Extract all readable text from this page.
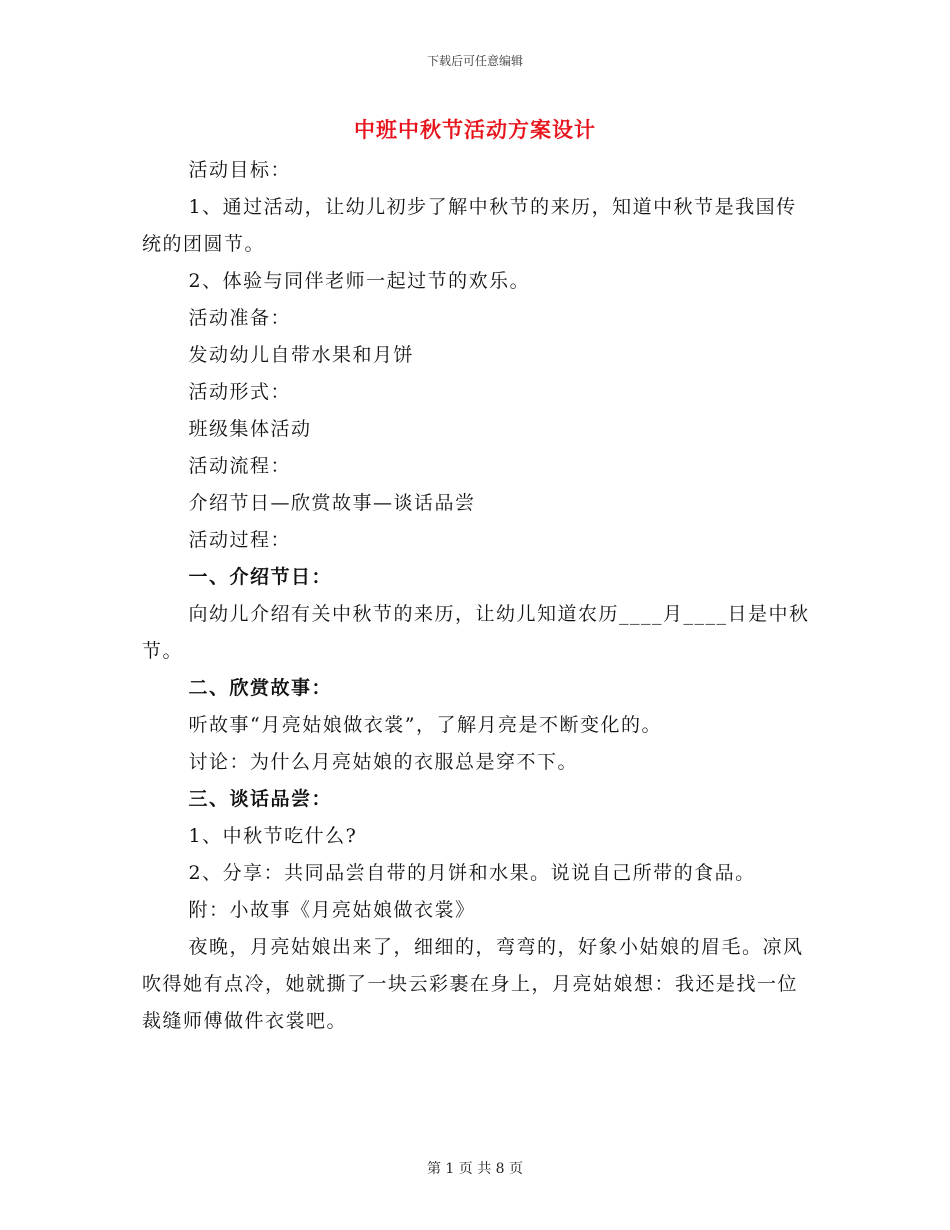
下载后可任意编辑
中班中秋节活动方案设计

活动目标：

1、通过活动，让幼儿初步了解中秋节的来历，知道中秋节是我国传统的团圆节。

2、体验与同伴老师一起过节的欢乐。

活动准备：

发动幼儿自带水果和月饼

活动形式：

班级集体活动

活动流程：

介绍节日—欣赏故事—谈话品尝

活动过程：

一、介绍节日：

向幼儿介绍有关中秋节的来历，让幼儿知道农历____月____日是中秋节。

二、欣赏故事：

听故事“月亮姑娘做衣裳”，了解月亮是不断变化的。

讨论：为什么月亮姑娘的衣服总是穿不下。

三、谈话品尝：

1、中秋节吃什么?

2、分享：共同品尝自带的月饼和水果。说说自己所带的食品。

附：小故事《月亮姑娘做衣裳》

夜晚，月亮姑娘出来了，细细的，弯弯的，好象小姑娘的眉毛。凉风吹得她有点冷，她就撕了一块云彩裹在身上，月亮姑娘想：我还是找一位裁缝师傅做件衣裳吧。

第 1 页 共 8 页
